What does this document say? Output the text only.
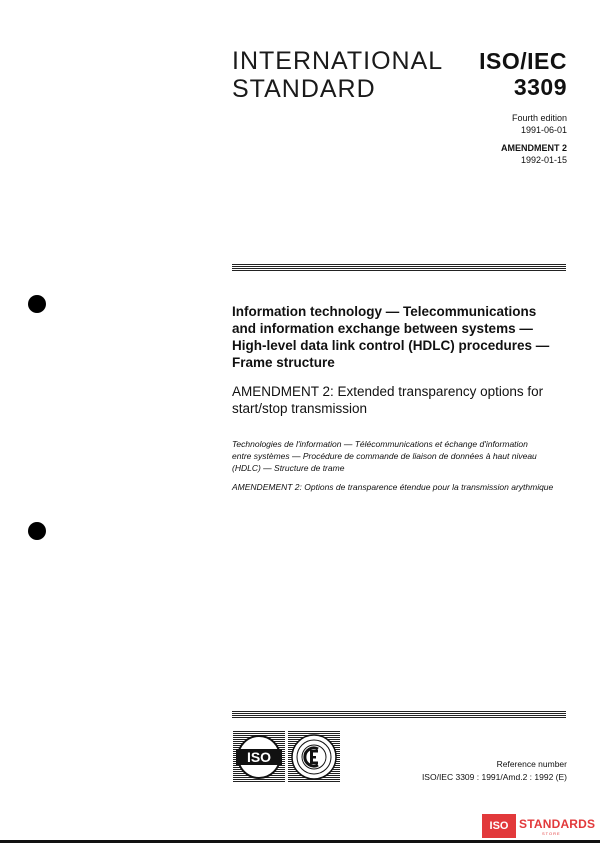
INTERNATIONAL
STANDARD
ISO/IEC
3309
Fourth edition
1991-06-01
AMENDMENT 2
1992-01-15
Information technology — Telecommunications
and information exchange between systems —
High-level data link control (HDLC) procedures —
Frame structure
AMENDMENT 2: Extended transparency options for
start/stop transmission
Technologies de l'information — Télécommunications et échange d'information
entre systèmes — Procédure de commande de liaison de données à haut niveau
(HDLC) — Structure de trame
AMENDEMENT 2: Options de transparence étendue pour la transmission arythmique
ISO	Reference number
ISO/IEC 3309 : 1991/Amd.2 : 1992 (E)
ISO STANDARDS
STORE
